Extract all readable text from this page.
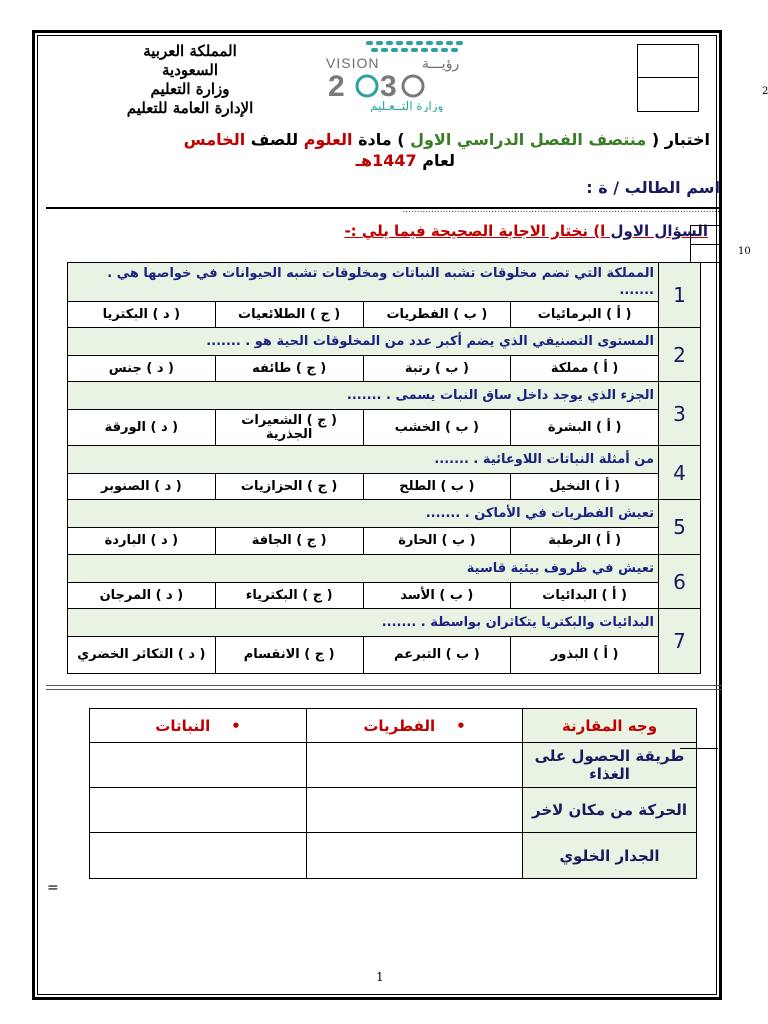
المملكة العربية
السعودية
وزارة التعليم
الإدارة العامة للتعليم
VISION	رؤيـــة
2 3
وزارة التــعـليم
2
اختبار ( منتصف الفصل الدراسي الاول ) مادة العلوم للصف الخامس
لعام 1447هـ
اسم الطالب / ة : ...............................................................................................................
السؤال الاول ا) نختار الاجابة الصحيحة فيما يلي :-
10
1	المملكة التي تضم مخلوقات تشبه النباتات ومخلوقات تشبه الحيوانات في خواصها هي . .......			
	( أ ) البرمائيات	( ب ) الفطريات	( ج ) الطلائعيات	( د ) البكتريا
2	المستوى التصنيفي الذي يضم أكبر عدد من المخلوقات الحية هو . .......			
	( أ ) مملكة	( ب ) رتبة	( ج ) طائفه	( د ) جنس
3	الجزء الذي يوجد داخل ساق النبات يسمى . .......			
	( أ ) البشرة	( ب ) الخشب	( ج ) الشعيرات الجذرية	( د ) الورقة
4	من أمثلة النباتات اللاوعائية . .......			
	( أ ) النخيل	( ب ) الطلح	( ج ) الحزازيات	( د ) الصنوبر
5	تعيش الفطريات في الأماكن . .......			
	( أ ) الرطبة	( ب ) الحارة	( ج ) الجافة	( د ) الباردة
6	تعيش في ظروف بيئية قاسية			
	( أ ) البدائيات	( ب ) الأسد	( ج ) البكترياء	( د ) المرجان
7	البدائيات والبكتريا يتكاثران بواسطة . .......			
	( أ ) البذور	( ب ) التبرعم	( ج ) الانقسام	( د ) التكاثر الخضري
وجه المقارنة	•    الفطريات	•    النباتات
طريقة الحصول على الغذاء		
الحركة من مكان لاخر		
الجدار الخلوي		
=
1
